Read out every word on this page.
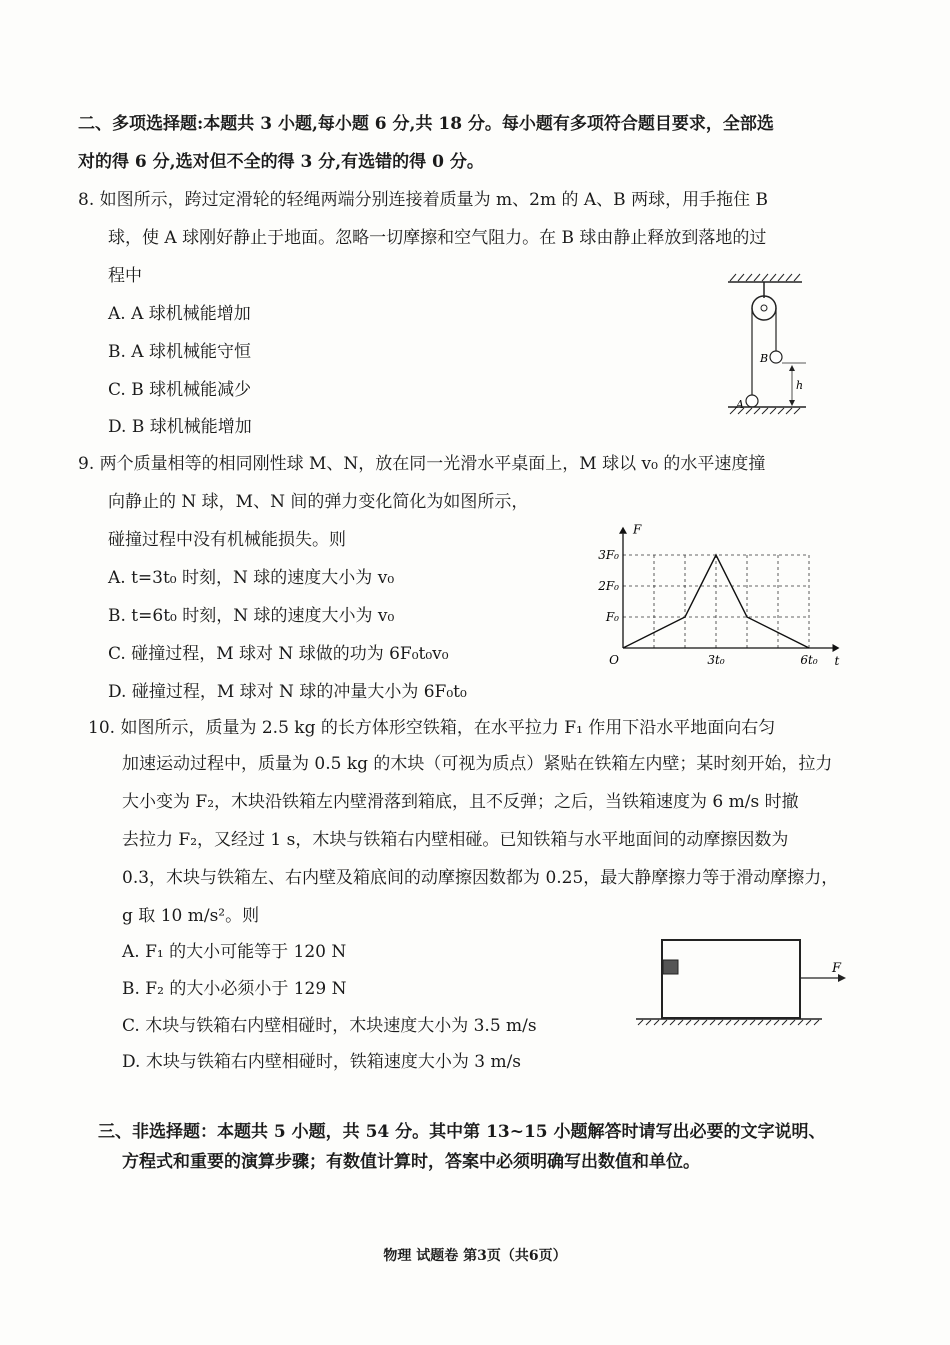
二、多项选择题:本题共 3 小题,每小题 6 分,共 18 分。每小题有多项符合题目要求，全部选
对的得 6 分,选对但不全的得 3 分,有选错的得 0 分。
8. 如图所示，跨过定滑轮的轻绳两端分别连接着质量为 m、2m 的 A、B 两球，用手拖住 B
球，使 A 球刚好静止于地面。忽略一切摩擦和空气阻力。在 B 球由静止释放到落地的过
程中
A. A 球机械能增加
B. A 球机械能守恒
C. B 球机械能减少
D. B 球机械能增加
B
A
h
9. 两个质量相等的相同刚性球 M、N，放在同一光滑水平桌面上，M 球以 v₀ 的水平速度撞
向静止的 N 球，M、N 间的弹力变化简化为如图所示，
碰撞过程中没有机械能损失。则
A. t=3t₀ 时刻，N 球的速度大小为 v₀
B. t=6t₀ 时刻，N 球的速度大小为 v₀
C. 碰撞过程，M 球对 N 球做的功为 6F₀t₀v₀
D. 碰撞过程，M 球对 N 球的冲量大小为 6F₀t₀
F
t
O
F₀
2F₀
3F₀
3t₀	6t₀
10. 如图所示，质量为 2.5 kg 的长方体形空铁箱，在水平拉力 F₁ 作用下沿水平地面向右匀
加速运动过程中，质量为 0.5 kg 的木块（可视为质点）紧贴在铁箱左内壁；某时刻开始，拉力
大小变为 F₂，木块沿铁箱左内壁滑落到箱底，且不反弹；之后，当铁箱速度为 6 m/s 时撤
去拉力 F₂，又经过 1 s，木块与铁箱右内壁相碰。已知铁箱与水平地面间的动摩擦因数为
0.3，木块与铁箱左、右内壁及箱底间的动摩擦因数都为 0.25，最大静摩擦力等于滑动摩擦力，
g 取 10 m/s²。则
A. F₁ 的大小可能等于 120 N
B. F₂ 的大小必须小于 129 N
C. 木块与铁箱右内壁相碰时，木块速度大小为 3.5 m/s
D. 木块与铁箱右内壁相碰时，铁箱速度大小为 3 m/s
F
三、非选择题：本题共 5 小题，共 54 分。其中第 13~15 小题解答时请写出必要的文字说明、
方程式和重要的演算步骤；有数值计算时，答案中必须明确写出数值和单位。
物理 试题卷 第3页（共6页）
